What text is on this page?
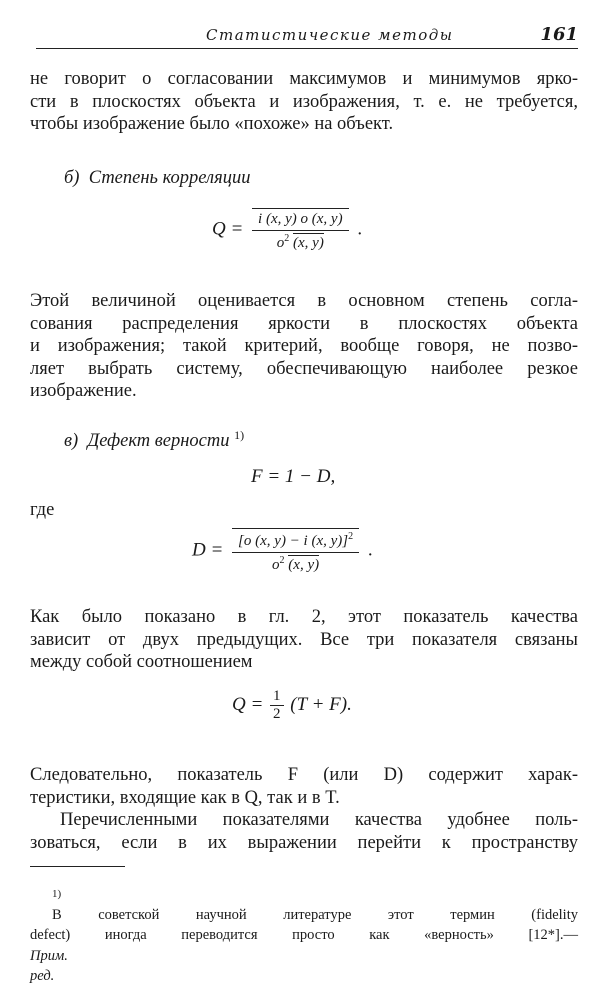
Статистические методы	161

не говорит о согласовании максимумов и минимумов ярко-
сти в плоскостях объекта и изображения, т. е. не требуется,
чтобы изображение было «похоже» на объект.

б) Степень корреляции
$Q = \frac{i (x, y) o (x, y)}{o^2 (x, y)}$ .

Этой величиной оценивается в основном степень согла-
сования распределения яркости в плоскостях объекта
и изображения; такой критерий, вообще говоря, не позво-
ляет выбрать систему, обеспечивающую наиболее резкое
изображение.

в) Дефект верности $^{1)}$
F = 1 − D,
где
$D = \frac{[o (x, y) - i (x, y)]^2}{o^2 (x, y)}$ .

Как было показано в гл. 2, этот показатель качества
зависит от двух предыдущих. Все три показателя связаны
между собой соотношением

$Q = \frac{1}{2} (T + F)$.

Следовательно, показатель F (или D) содержит харак-
теристики, входящие как в Q, так и в T.
Перечисленными показателями качества удобнее поль-
зоваться, если в их выражении перейти к пространству

1)
В советской научной литературе этот термин (fidelity
defect) иногда переводится просто как «верность» [12*].—
Прим.
ред.
